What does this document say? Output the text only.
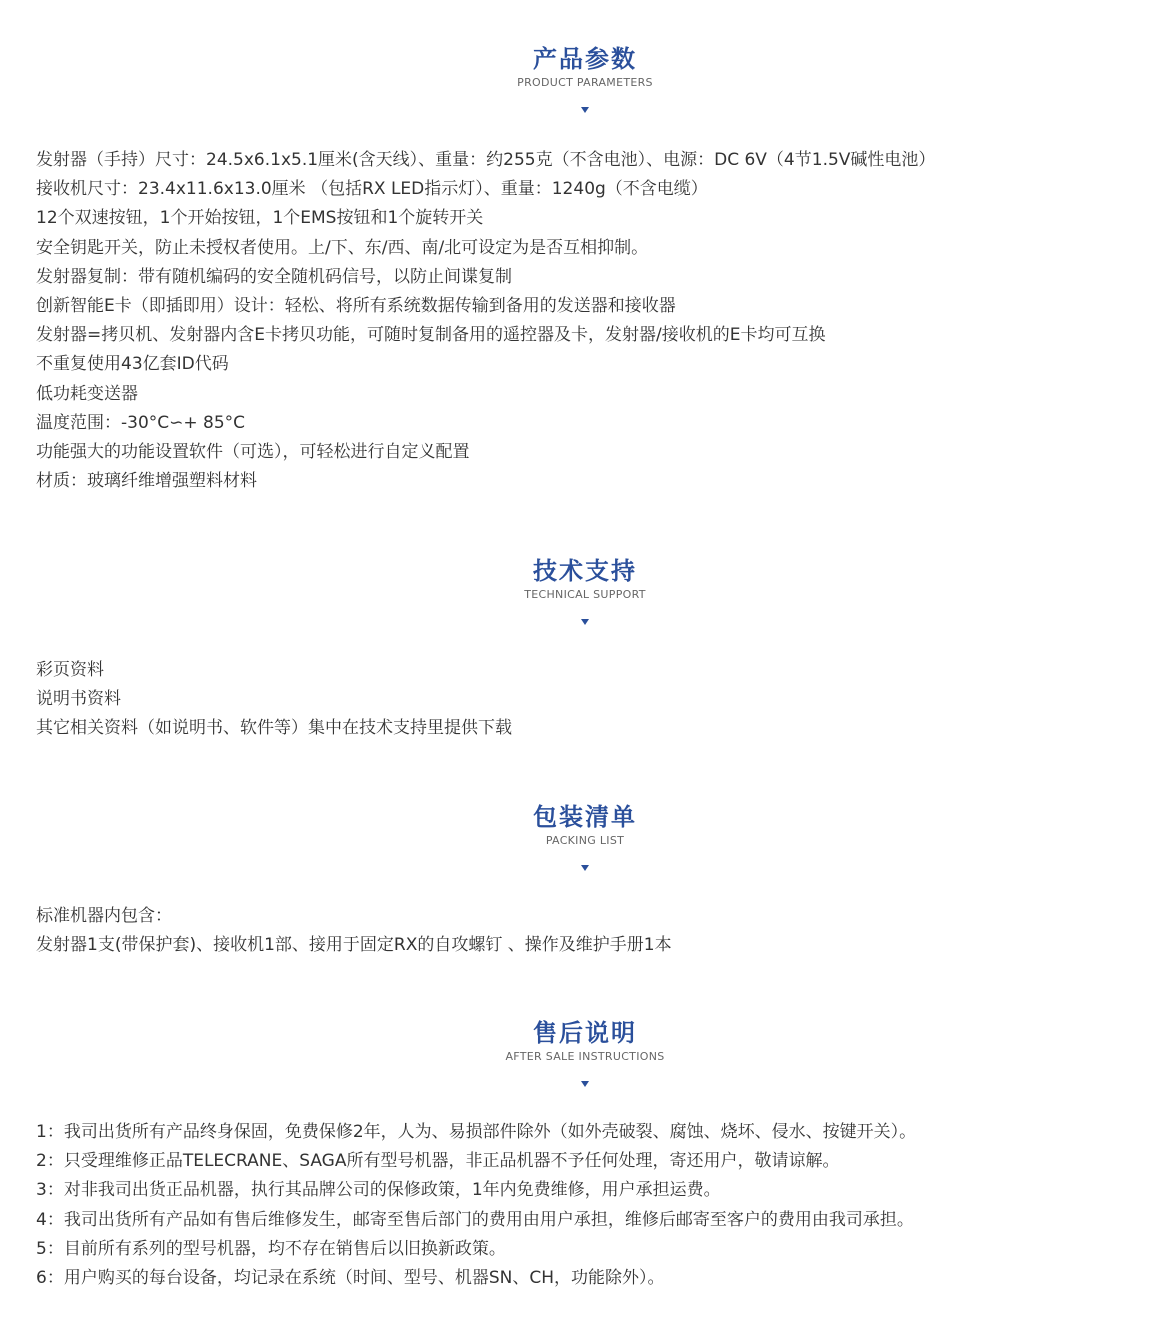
产品参数
PRODUCT PARAMETERS
发射器（手持）尺寸：24.5x6.1x5.1厘米(含天线）、重量：约255克（不含电池）、电源：DC 6V（4节1.5V碱性电池）
接收机尺寸：23.4x11.6x13.0厘米 （包括RX LED指示灯）、重量：1240g（不含电缆）
12个双速按钮，1个开始按钮，1个EMS按钮和1个旋转开关
安全钥匙开关，防止未授权者使用。上/下、东/西、南/北可设定为是否互相抑制。
发射器复制：带有随机编码的安全随机码信号，以防止间谍复制
创新智能E卡（即插即用）设计：轻松、将所有系统数据传输到备用的发送器和接收器
发射器=拷贝机、发射器内含E卡拷贝功能，可随时复制备用的遥控器及卡，发射器/接收机的E卡均可互换
不重复使用43亿套ID代码
低功耗变送器
温度范围：-30°C∽+ 85°C
功能强大的功能设置软件（可选），可轻松进行自定义配置
材质：玻璃纤维增强塑料材料
技术支持
TECHNICAL SUPPORT
彩页资料
说明书资料
其它相关资料（如说明书、软件等）集中在技术支持里提供下载
包装清单
PACKING LIST
标准机器内包含：
发射器1支(带保护套)、接收机1部、接用于固定RX的自攻螺钉 、操作及维护手册1本
售后说明
AFTER SALE INSTRUCTIONS
1：我司出货所有产品终身保固，免费保修2年，人为、易损部件除外（如外壳破裂、腐蚀、烧坏、侵水、按键开关）。
2：只受理维修正品TELECRANE、SAGA所有型号机器，非正品机器不予任何处理，寄还用户，敬请谅解。
3：对非我司出货正品机器，执行其品牌公司的保修政策，1年内免费维修，用户承担运费。
4：我司出货所有产品如有售后维修发生，邮寄至售后部门的费用由用户承担，维修后邮寄至客户的费用由我司承担。
5：目前所有系列的型号机器，均不存在销售后以旧换新政策。
6：用户购买的每台设备，均记录在系统（时间、型号、机器SN、CH，功能除外）。
